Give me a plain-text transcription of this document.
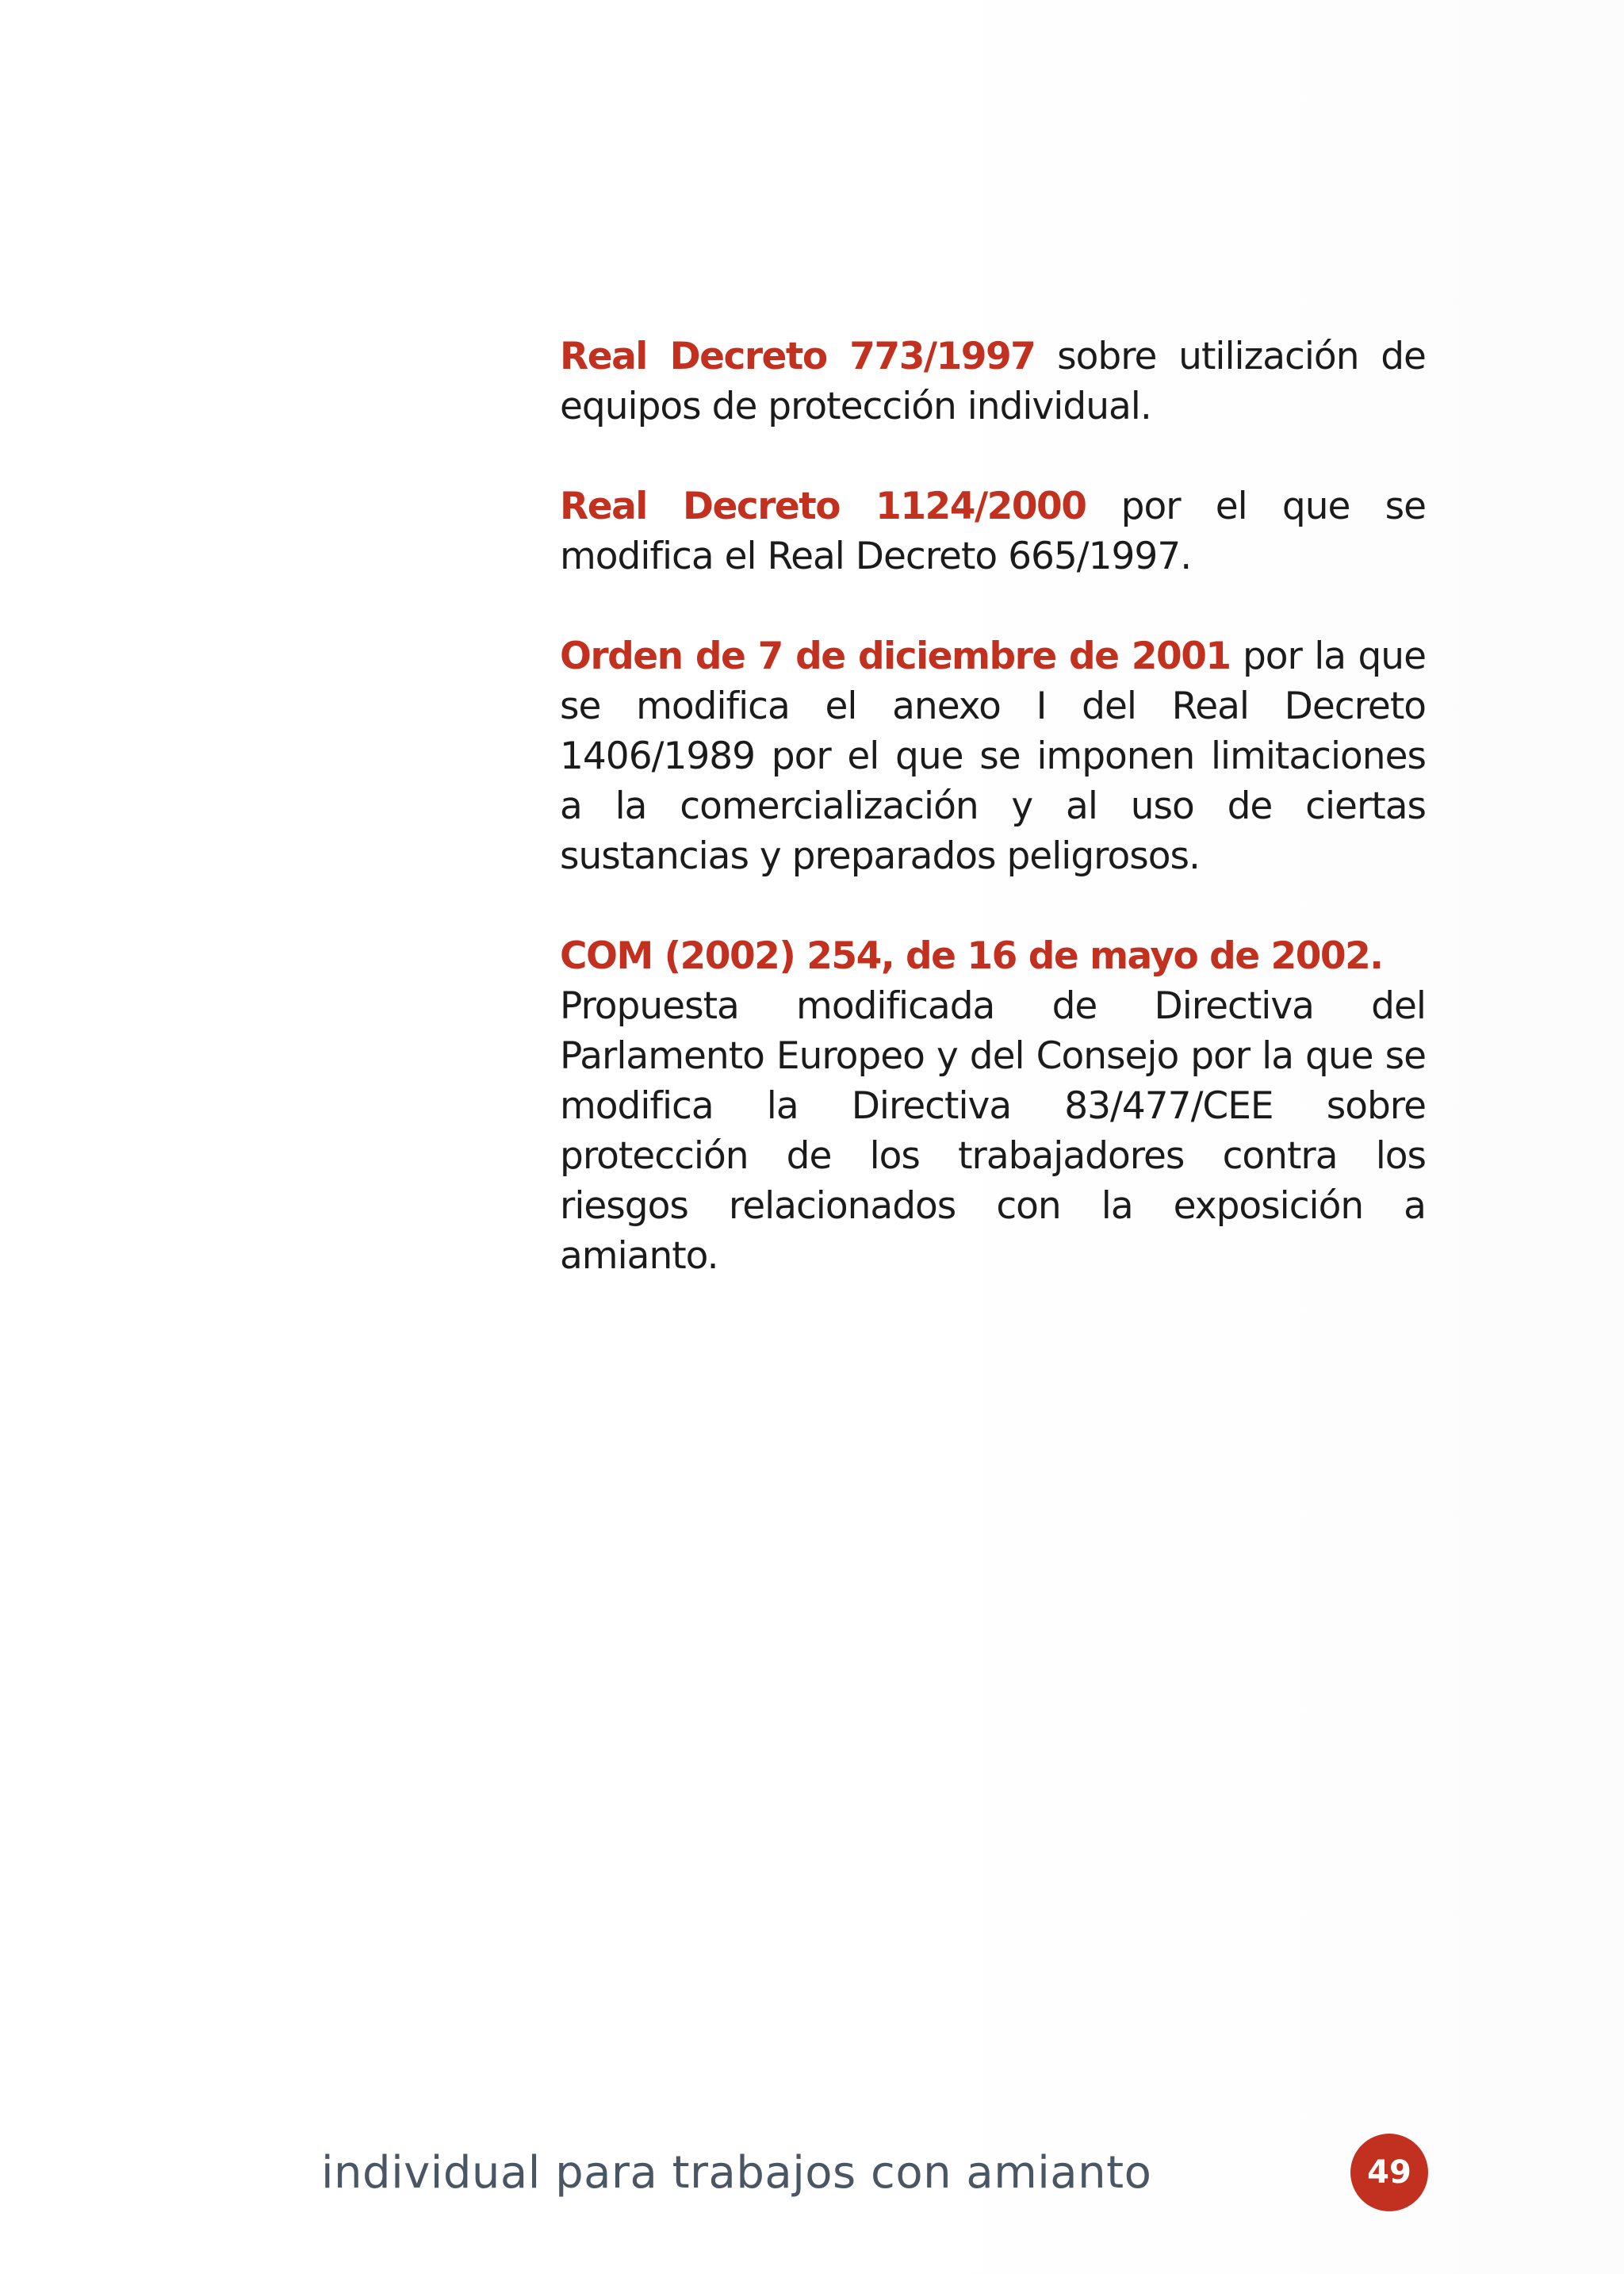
Real Decreto 773/1997 sobre utilización de equipos de protección individual.

Real Decreto 1124/2000 por el que se modifica el Real Decreto 665/1997.

Orden de 7 de diciembre de 2001 por la que se modifica el anexo I del Real Decreto 1406/1989 por el que se imponen limitaciones a la comercialización y al uso de ciertas sustancias y preparados peligrosos.

COM (2002) 254, de 16 de mayo de 2002.
Propuesta modificada de Directiva del Parlamento Europeo y del Consejo por la que se modifica la Directiva 83/477/CEE sobre protección de los trabajadores contra los riesgos relacionados con la exposición a amianto.

individual para trabajos con amianto	49
